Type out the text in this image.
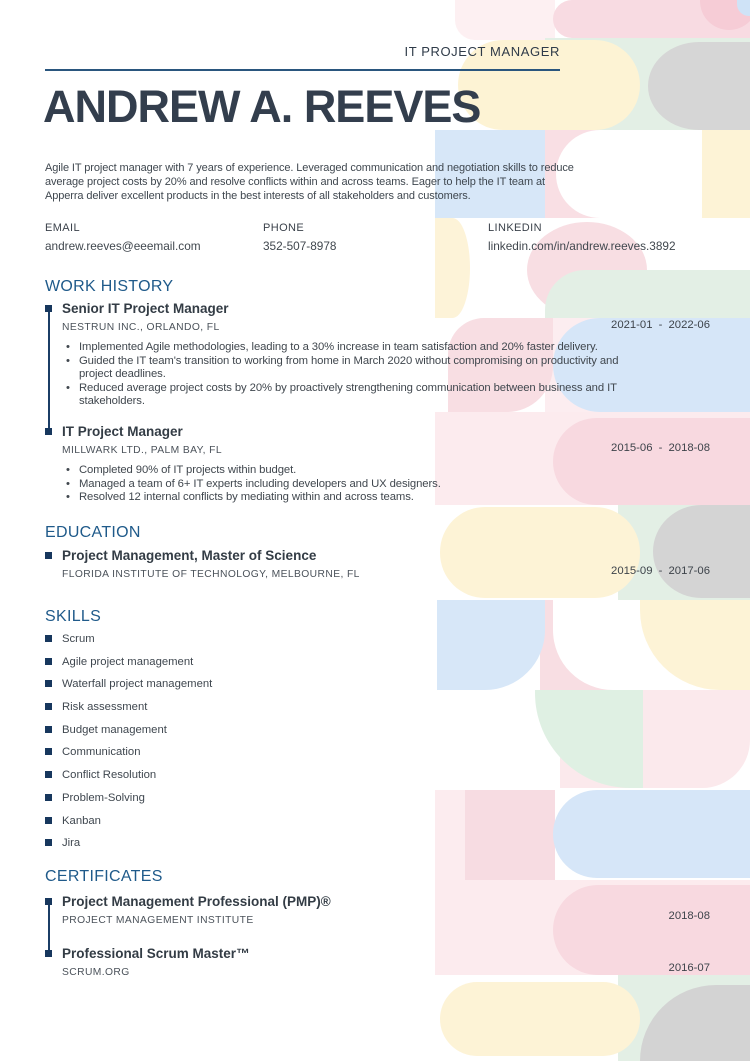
IT PROJECT MANAGER
ANDREW A. REEVES

Agile IT project manager with 7 years of experience. Leveraged communication and negotiation skills to reduce average project costs by 20% and resolve conflicts within and across teams. Eager to help the IT team at Apperra deliver excellent products in the best interests of all stakeholders and customers.

EMAIL
andrew.reeves@eeemail.com
PHONE
352-507-8978
LINKEDIN
linkedin.com/in/andrew.reeves.3892
WORK HISTORY
Senior IT Project Manager
NESTRUN INC., ORLANDO, FL	2021-01 - 2022-06
• Implemented Agile methodologies, leading to a 30% increase in team satisfaction and 20% faster delivery.
• Guided the IT team's transition to working from home in March 2020 without compromising on productivity and project deadlines.
• Reduced average project costs by 20% by proactively strengthening communication between business and IT stakeholders.
IT Project Manager
MILLWARK LTD., PALM BAY, FL	2015-06 - 2018-08
• Completed 90% of IT projects within budget.
• Managed a team of 6+ IT experts including developers and UX designers.
• Resolved 12 internal conflicts by mediating within and across teams.
EDUCATION
Project Management, Master of Science
FLORIDA INSTITUTE OF TECHNOLOGY, MELBOURNE, FL	2015-09 - 2017-06
SKILLS
Scrum
Agile project management
Waterfall project management
Risk assessment
Budget management
Communication
Conflict Resolution
Problem-Solving
Kanban
Jira
CERTIFICATES
Project Management Professional (PMP)®
PROJECT MANAGEMENT INSTITUTE	2018-08
Professional Scrum Master™
SCRUM.ORG	2016-07
